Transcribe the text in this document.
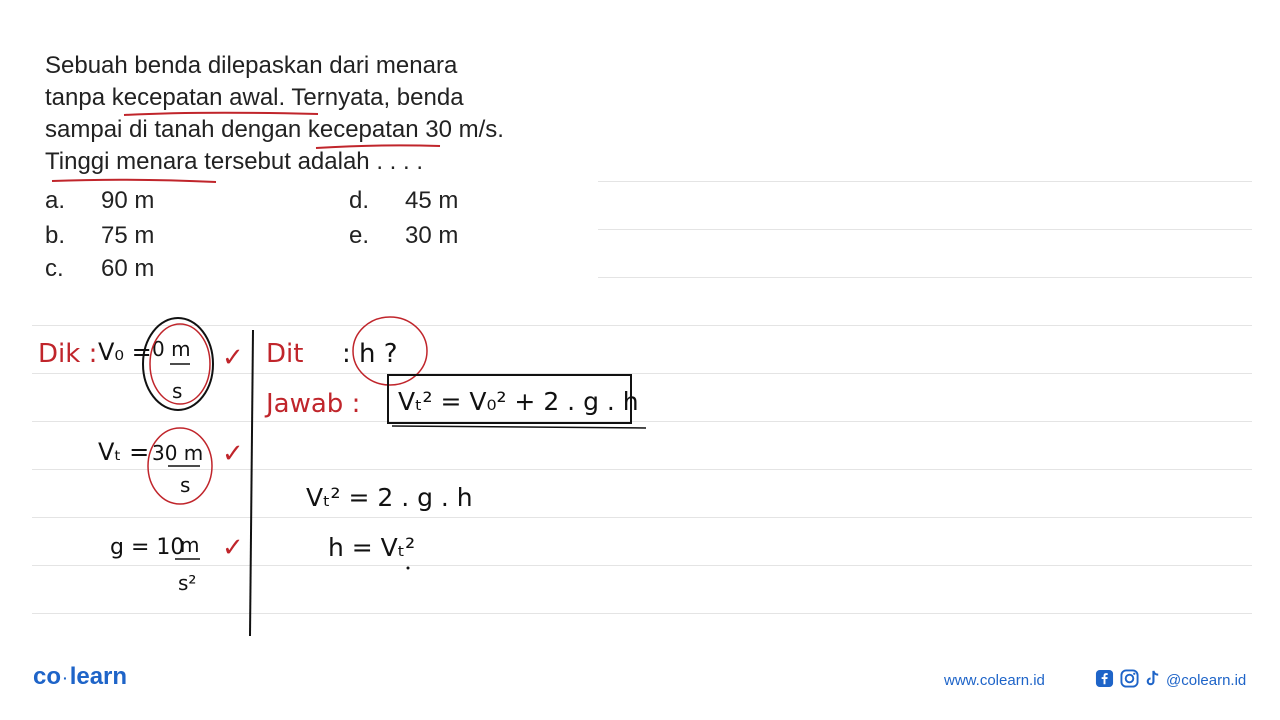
Sebuah benda dilepaskan dari menara
tanpa kecepatan awal. Ternyata, benda
sampai di tanah dengan kecepatan 30 m/s.
Tinggi menara tersebut adalah . . . .
a. 90 m
b. 75 m
c. 60 m
d. 45 m
e. 30 m
Dik : V₀ = 0 m
s
✓
Vₜ = 30 m
s
✓
g = 10
m
s²
✓
Dit : h ?
Jawab : Vₜ² = V₀² + 2 . g . h
Vₜ² = 2 . g . h
h = Vₜ²
co ·learn	www.colearn.id	@colearn.id
